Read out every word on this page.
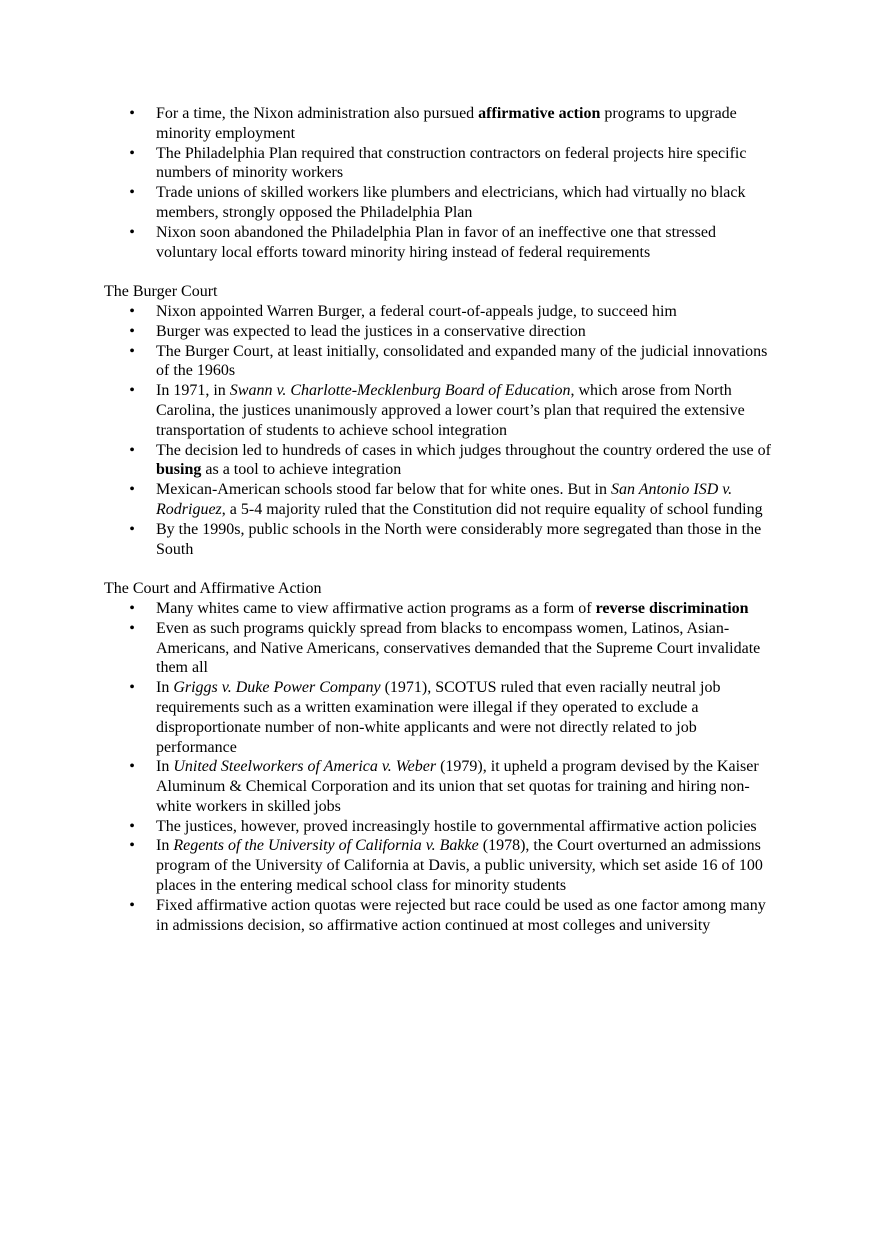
• For a time, the Nixon administration also pursued affirmative action programs to upgrade minority employment
• The Philadelphia Plan required that construction contractors on federal projects hire specific numbers of minority workers
• Trade unions of skilled workers like plumbers and electricians, which had virtually no black members, strongly opposed the Philadelphia Plan
• Nixon soon abandoned the Philadelphia Plan in favor of an ineffective one that stressed voluntary local efforts toward minority hiring instead of federal requirements
The Burger Court
• Nixon appointed Warren Burger, a federal court-of-appeals judge, to succeed him
• Burger was expected to lead the justices in a conservative direction
• The Burger Court, at least initially, consolidated and expanded many of the judicial innovations of the 1960s
• In 1971, in Swann v. Charlotte-Mecklenburg Board of Education, which arose from North Carolina, the justices unanimously approved a lower court’s plan that required the extensive transportation of students to achieve school integration
• The decision led to hundreds of cases in which judges throughout the country ordered the use of busing as a tool to achieve integration
• Mexican-American schools stood far below that for white ones. But in San Antonio ISD v. Rodriguez, a 5-4 majority ruled that the Constitution did not require equality of school funding
• By the 1990s, public schools in the North were considerably more segregated than those in the South
The Court and Affirmative Action
• Many whites came to view affirmative action programs as a form of reverse discrimination
• Even as such programs quickly spread from blacks to encompass women, Latinos, Asian-Americans, and Native Americans, conservatives demanded that the Supreme Court invalidate them all
• In Griggs v. Duke Power Company (1971), SCOTUS ruled that even racially neutral job requirements such as a written examination were illegal if they operated to exclude a disproportionate number of non-white applicants and were not directly related to job performance
• In United Steelworkers of America v. Weber (1979), it upheld a program devised by the Kaiser Aluminum & Chemical Corporation and its union that set quotas for training and hiring non-white workers in skilled jobs
• The justices, however, proved increasingly hostile to governmental affirmative action policies
• In Regents of the University of California v. Bakke (1978), the Court overturned an admissions program of the University of California at Davis, a public university, which set aside 16 of 100 places in the entering medical school class for minority students
• Fixed affirmative action quotas were rejected but race could be used as one factor among many in admissions decision, so affirmative action continued at most colleges and university
